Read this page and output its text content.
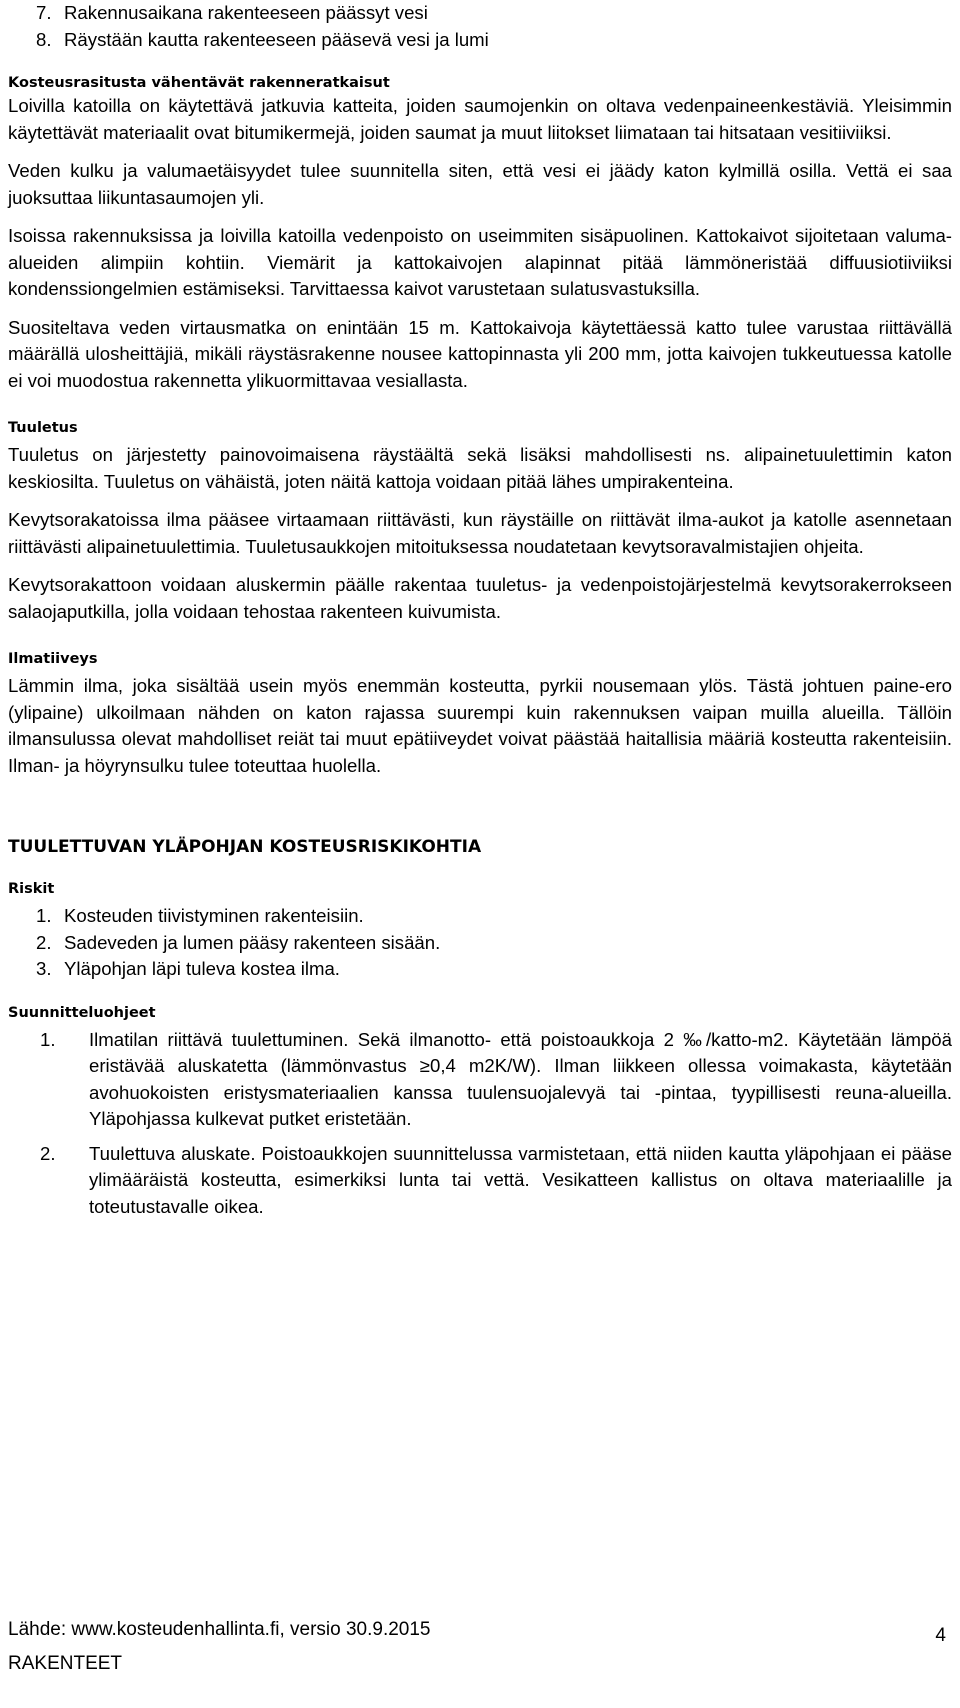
7. Rakennusaikana rakenteeseen päässyt vesi
8. Räystään kautta rakenteeseen pääsevä vesi ja lumi

Kosteusrasitusta vähentävät rakenneratkaisut

Loivilla katoilla on käytettävä jatkuvia katteita, joiden saumojenkin on oltava vedenpaineenkestäviä. Yleisimmin käytettävät materiaalit ovat bitumikermejä, joiden saumat ja muut liitokset liimataan tai hitsataan vesitiiviiksi.

Veden kulku ja valumaetäisyydet tulee suunnitella siten, että vesi ei jäädy katon kylmillä osilla. Vettä ei saa juoksuttaa liikuntasaumojen yli.

Isoissa rakennuksissa ja loivilla katoilla vedenpoisto on useimmiten sisäpuolinen. Kattokaivot sijoitetaan valuma-alueiden alimpiin kohtiin. Viemärit ja kattokaivojen alapinnat pitää lämmöneristää diffuusiotiiviiksi kondenssiongelmien estämiseksi. Tarvittaessa kaivot varustetaan sulatusvastuksilla.

Suositeltava veden virtausmatka on enintään 15 m. Kattokaivoja käytettäessä katto tulee varustaa riittävällä määrällä ulosheittäjiä, mikäli räystäsrakenne nousee kattopinnasta yli 200 mm, jotta kaivojen tukkeutuessa katolle ei voi muodostua rakennetta ylikuormittavaa vesiallasta.

Tuuletus

Tuuletus on järjestetty painovoimaisena räystäältä sekä lisäksi mahdollisesti ns. alipainetuulettimin katon keskiosilta. Tuuletus on vähäistä, joten näitä kattoja voidaan pitää lähes umpirakenteina.

Kevytsorakatoissa ilma pääsee virtaamaan riittävästi, kun räystäille on riittävät ilma-aukot ja katolle asennetaan riittävästi alipainetuulettimia. Tuuletusaukkojen mitoituksessa noudatetaan kevytsoravalmistajien ohjeita.

Kevytsorakattoon voidaan aluskermin päälle rakentaa tuuletus- ja vedenpoistojärjestelmä kevytsorakerrokseen salaojaputkilla, jolla voidaan tehostaa rakenteen kuivumista.

Ilmatiiveys

Lämmin ilma, joka sisältää usein myös enemmän kosteutta, pyrkii nousemaan ylös. Tästä johtuen paine-ero (ylipaine) ulkoilmaan nähden on katon rajassa suurempi kuin rakennuksen vaipan muilla alueilla. Tällöin ilmansulussa olevat mahdolliset reiät tai muut epätiiveydet voivat päästää haitallisia määriä kosteutta rakenteisiin. Ilman- ja höyrynsulku tulee toteuttaa huolella.

TUULETTUVAN YLÄPOHJAN KOSTEUSRISKIKOHTIA

Riskit

1. Kosteuden tiivistyminen rakenteisiin.
2. Sadeveden ja lumen pääsy rakenteen sisään.
3. Yläpohjan läpi tuleva kostea ilma.

Suunnitteluohjeet

1.	Ilmatilan riittävä tuulettuminen. Sekä ilmanotto- että poistoaukkoja 2 ‰/katto-m2. Käytetään lämpöä eristävää aluskatetta (lämmönvastus ≥0,4 m2K/W). Ilman liikkeen ollessa voimakasta, käytetään avohuokoisten eristysmateriaalien kanssa tuulensuojalevyä tai -pintaa, tyypillisesti reuna-alueilla. Yläpohjassa kulkevat putket eristetään.
2.	Tuulettuva aluskate. Poistoaukkojen suunnittelussa varmistetaan, että niiden kautta yläpohjaan ei pääse ylimääräistä kosteutta, esimerkiksi lunta tai vettä. Vesikatteen kallistus on oltava materiaalille ja toteutustavalle oikea.
Lähde: www.kosteudenhallinta.fi, versio 30.9.2015	4
RAKENTEET
